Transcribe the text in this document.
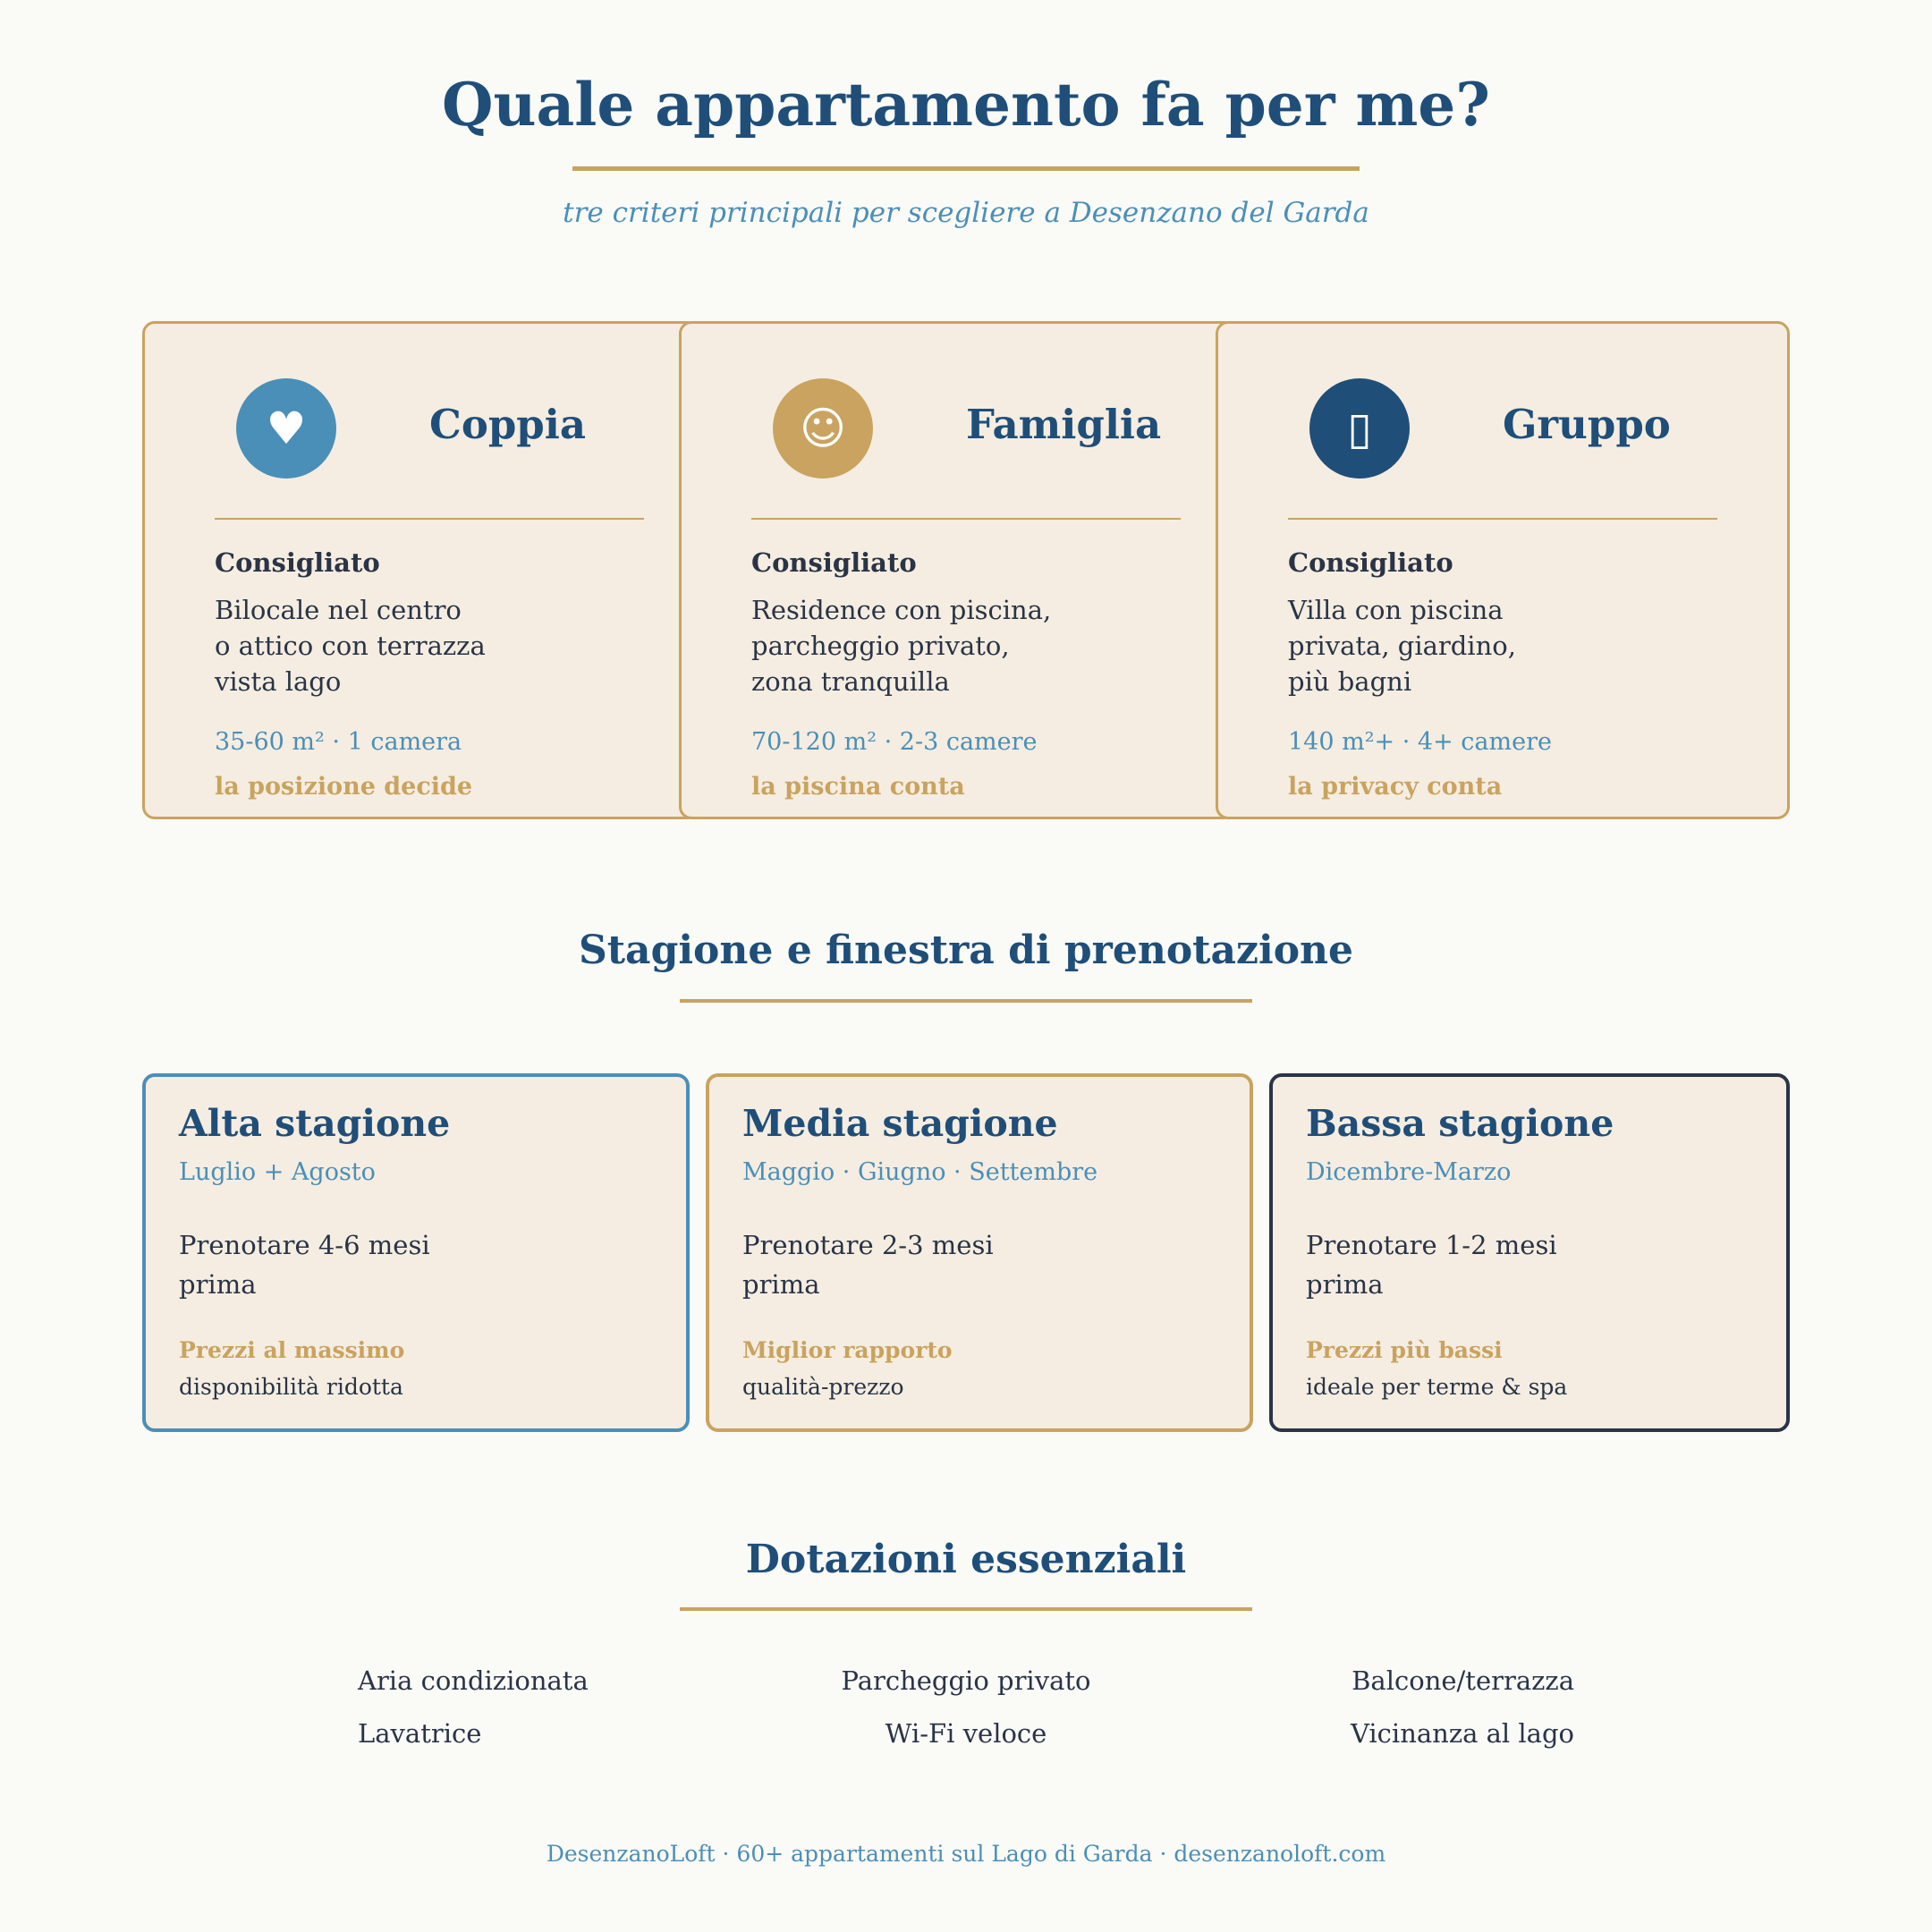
Quale appartamento fa per me?
tre criteri principali per scegliere a Desenzano del Garda
♥	Coppia
Consigliato
Bilocale nel centro
o attico con terrazza
vista lago
35-60 m² · 1 camera
la posizione decide
☺	Famiglia
Consigliato
Residence con piscina,
parcheggio privato,
zona tranquilla
70-120 m² · 2-3 camere
la piscina conta
▯	Gruppo
Consigliato
Villa con piscina
privata, giardino,
più bagni
140 m²+ · 4+ camere
la privacy conta
Stagione e finestra di prenotazione
Alta stagione
Luglio + Agosto
Prenotare 4-6 mesi
prima
Prezzi al massimo
disponibilità ridotta
Media stagione
Maggio · Giugno · Settembre
Prenotare 2-3 mesi
prima
Miglior rapporto
qualità-prezzo
Bassa stagione
Dicembre-Marzo
Prenotare 1-2 mesi
prima
Prezzi più bassi
ideale per terme & spa
Dotazioni essenziali
Aria condizionata	Parcheggio privato	Balcone/terrazza
Lavatrice	Wi-Fi veloce	Vicinanza al lago
DesenzanoLoft · 60+ appartamenti sul Lago di Garda · desenzanoloft.com
